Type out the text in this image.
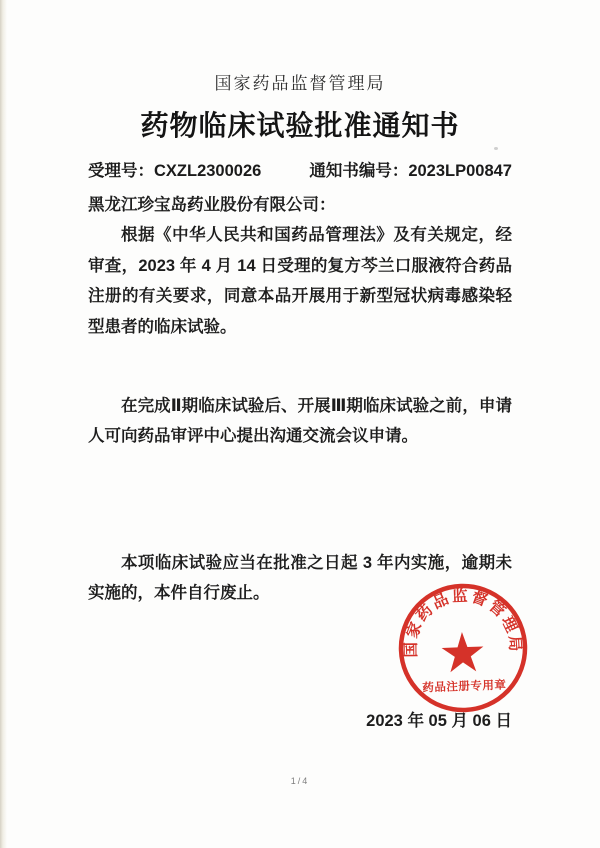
国家药品监督管理局
药物临床试验批准通知书
受理号：CXZL2300026	通知书编号：2023LP00847

黑龙江珍宝岛药业股份有限公司：

根据《中华人民共和国药品管理法》及有关规定，经审查，2023 年 4 月 14 日受理的复方芩兰口服液符合药品注册的有关要求，同意本品开展用于新型冠状病毒感染轻型患者的临床试验。

在完成Ⅱ期临床试验后、开展Ⅲ期临床试验之前，申请人可向药品审评中心提出沟通交流会议申请。

本项临床试验应当在批准之日起 3 年内实施，逾期未实施的，本件自行废止。

2023 年 05 月 06 日
国家药品监督管理局
药品注册专用章
1/4
